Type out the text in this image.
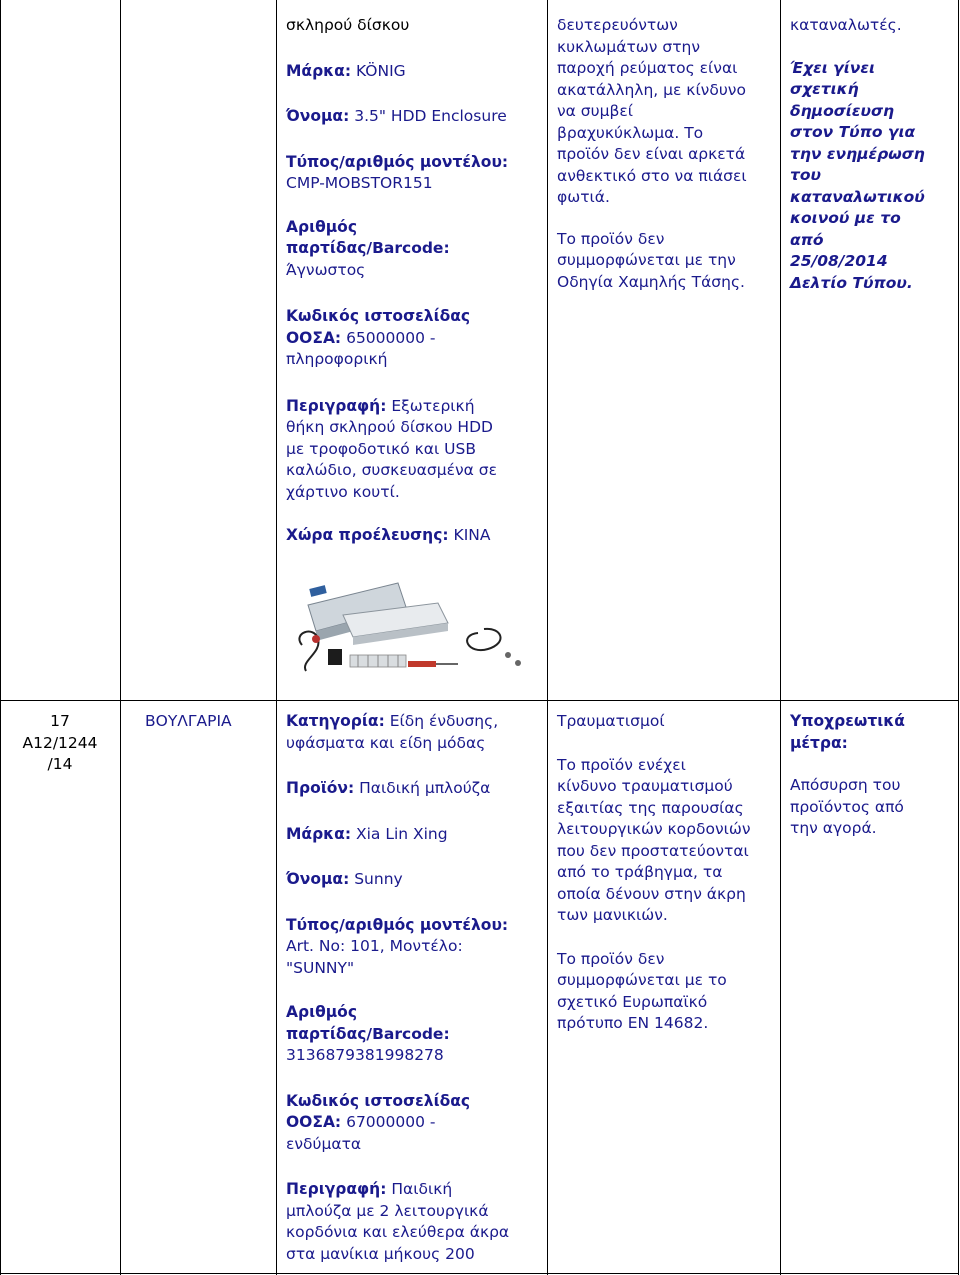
σκληρού δίσκου
Μάρκα: KÖNIG
Όνομα: 3.5" HDD Enclosure
Τύπος/αριθμός μοντέλου:
CMP-MOBSTOR151
Αριθμός
παρτίδας/Barcode:
Άγνωστος
Κωδικός ιστοσελίδας
ΟΟΣΑ: 65000000 -
πληροφορική
Περιγραφή: Εξωτερική
θήκη σκληρού δίσκου HDD
με τροφοδοτικό και USB
καλώδιο, συσκευασμένα σε
χάρτινο κουτί.
Χώρα προέλευσης: ΚΙΝΑ
δευτερευόντων
κυκλωμάτων στην
παροχή ρεύματος είναι
ακατάλληλη, με κίνδυνο
να συμβεί
βραχυκύκλωμα. Το
προϊόν δεν είναι αρκετά
ανθεκτικό στο να πιάσει
φωτιά.
Το προϊόν δεν
συμμορφώνεται με την
Οδηγία Χαμηλής Τάσης.
καταναλωτές.
Έχει γίνει
σχετική
δημοσίευση
στον Τύπο για
την ενημέρωση
του
καταναλωτικού
κοινού με το
από
25/08/2014
Δελτίο Τύπου.
17
A12/1244
/14
ΒΟΥΛΓΑΡΙΑ	Κατηγορία: Είδη ένδυσης,
υφάσματα και είδη μόδας
Προϊόν: Παιδική μπλούζα
Μάρκα: Xia Lin Xing
Όνομα: Sunny
Τύπος/αριθμός μοντέλου:
Art. No: 101, Μοντέλο:
"SUNNY"
Αριθμός
παρτίδας/Barcode:
3136879381998278
Κωδικός ιστοσελίδας
ΟΟΣΑ: 67000000 -
ενδύματα
Περιγραφή: Παιδική
μπλούζα με 2 λειτουργικά
κορδόνια και ελεύθερα άκρα
στα μανίκια μήκους 200
Τραυματισμοί
Το προϊόν ενέχει
κίνδυνο τραυματισμού
εξαιτίας της παρουσίας
λειτουργικών κορδονιών
που δεν προστατεύονται
από το τράβηγμα, τα
οποία δένουν στην άκρη
των μανικιών.
Το προϊόν δεν
συμμορφώνεται με το
σχετικό Ευρωπαϊκό
πρότυπο EN 14682.
Υποχρεωτικά
μέτρα:
Απόσυρση του
προϊόντος από
την αγορά.
